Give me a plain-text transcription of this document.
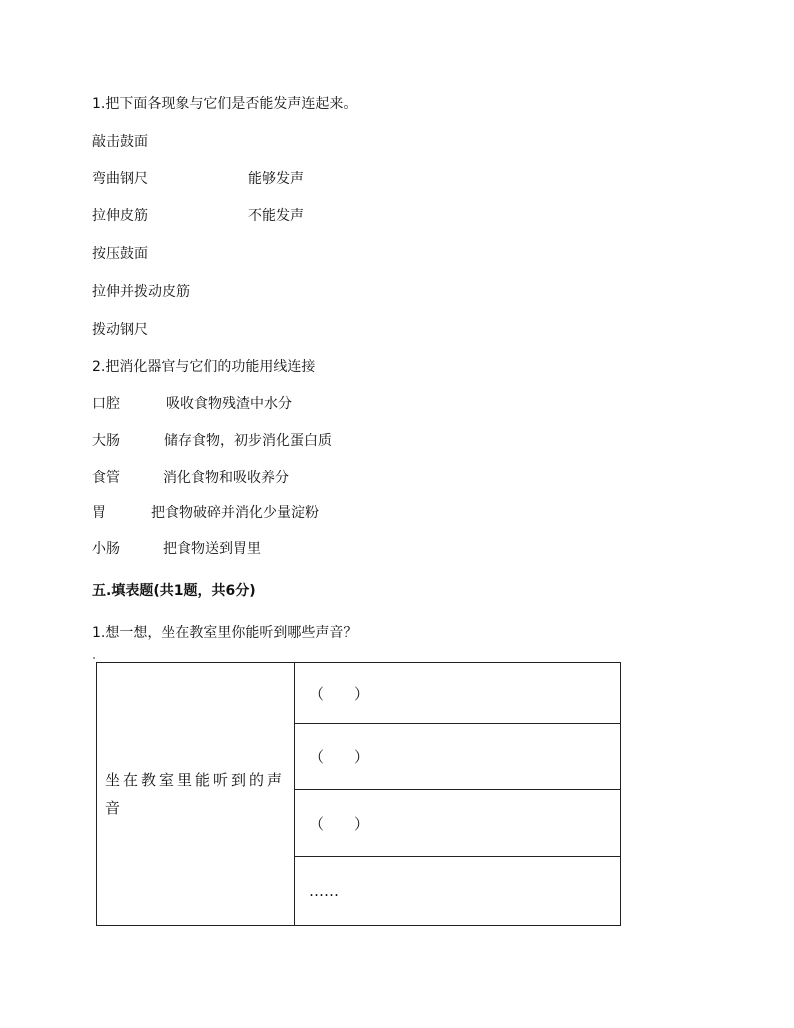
1.把下面各现象与它们是否能发声连起来。
敲击鼓面
弯曲钢尺
拉伸皮筋
按压鼓面
拉伸并拨动皮筋
拨动钢尺
能够发声
不能发声
2.把消化器官与它们的功能用线连接
口腔
大肠
食管
胃
小肠
吸收食物残渣中水分
储存食物，初步消化蛋白质
消化食物和吸收养分
把食物破碎并消化少量淀粉
把食物送到胃里
五.填表题(共1题，共6分)
1.想一想，坐在教室里你能听到哪些声音？
坐在教室里能听到的声音	（　　）
（　　）
（　　）
……
